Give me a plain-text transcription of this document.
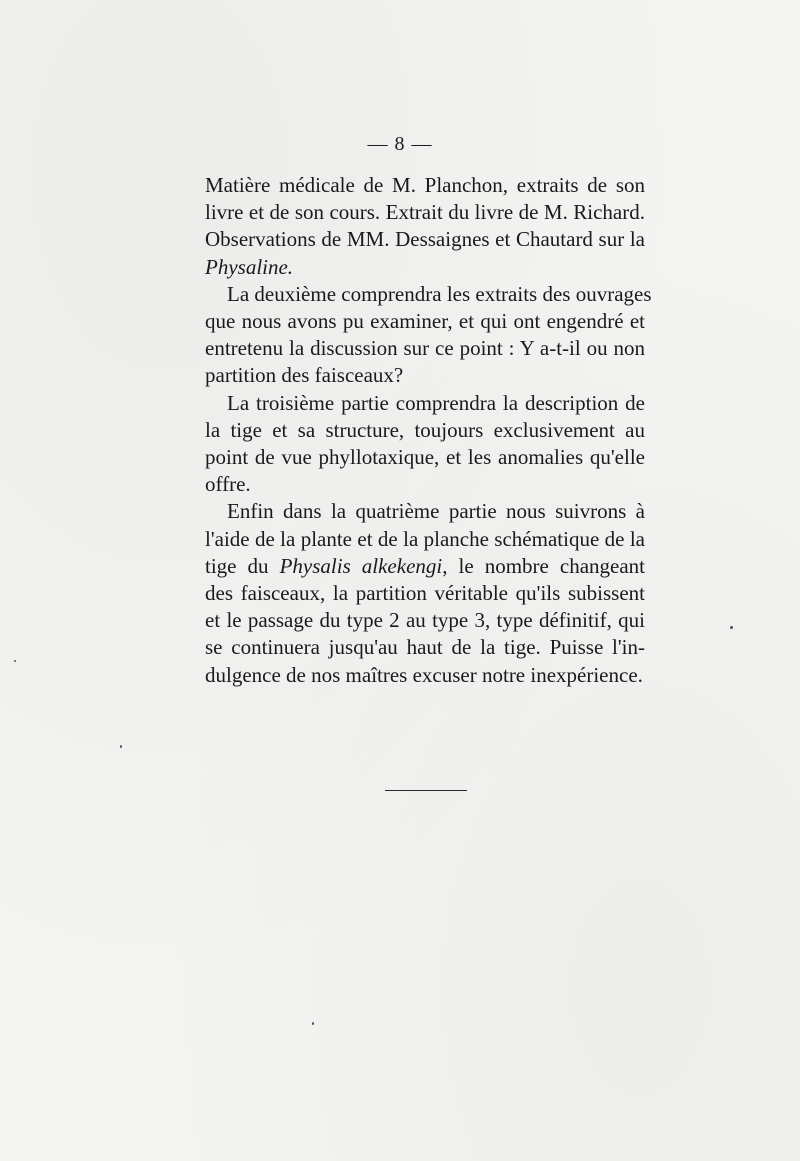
— 8 —
Matière médicale de M. Planchon, extraits de son
livre et de son cours. Extrait du livre de M. Richard.
Observations de MM. Dessaignes et Chautard sur la
Physaline.
La deuxième comprendra les extraits des ouvrages
que nous avons pu examiner, et qui ont engendré et
entretenu la discussion sur ce point : Y a-t-il ou non
partition des faisceaux?
La troisième partie comprendra la description de
la tige et sa structure, toujours exclusivement au
point de vue phyllotaxique, et les anomalies qu'elle
offre.
Enfin dans la quatrième partie nous suivrons à
l'aide de la plante et de la planche schématique de la
tige du Physalis alkekengi, le nombre changeant
des faisceaux, la partition véritable qu'ils subissent
et le passage du type 2 au type 3, type définitif, qui
se continuera jusqu'au haut de la tige. Puisse l'in-
dulgence de nos maîtres excuser notre inexpérience.
